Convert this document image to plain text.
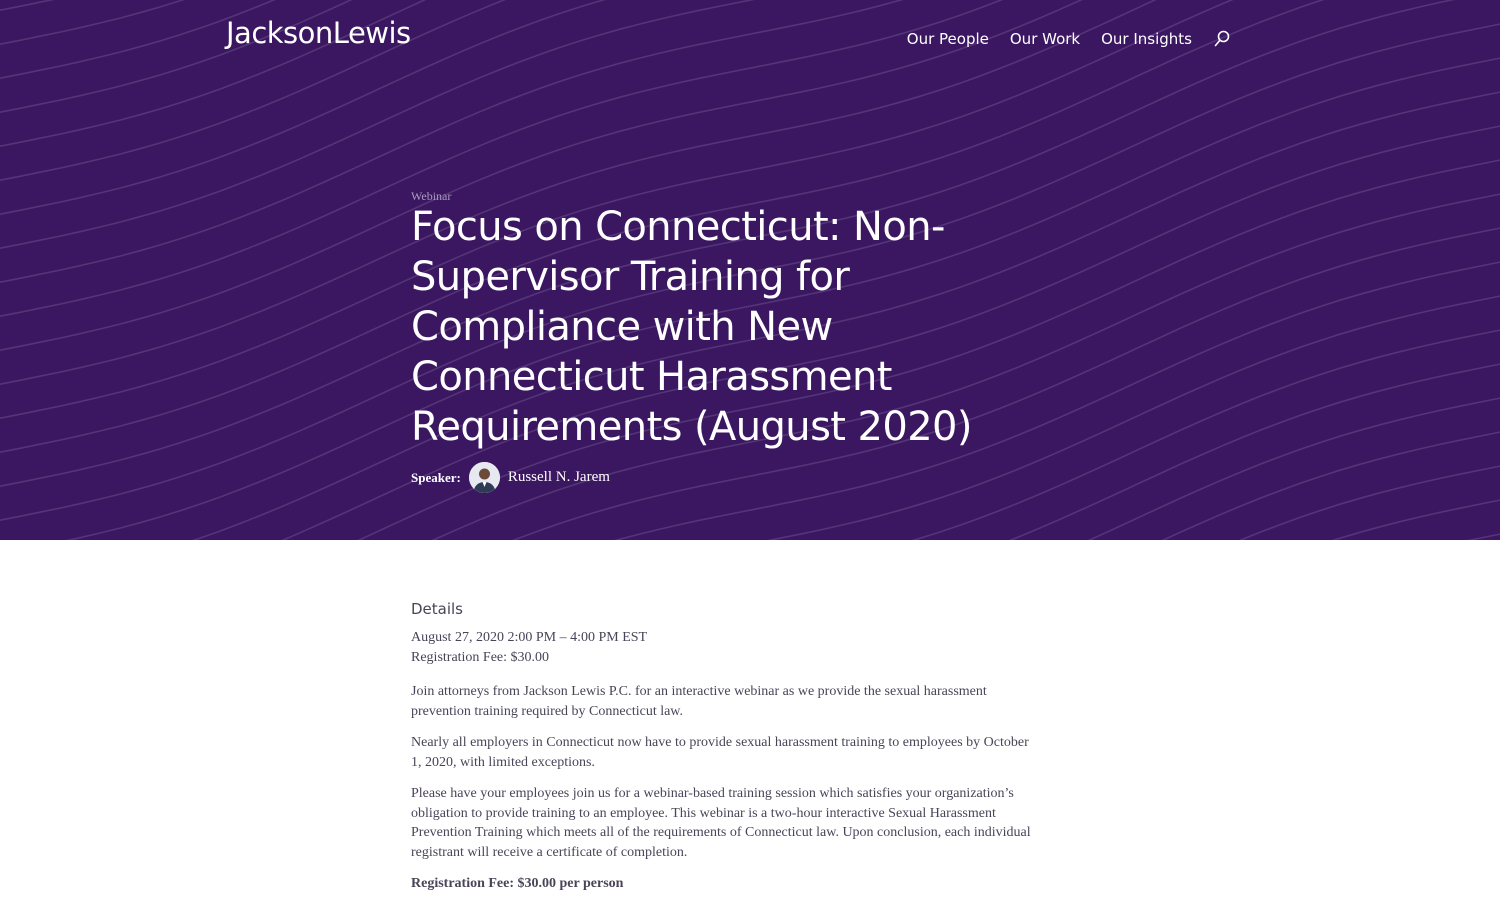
JacksonLewis	Our People Our Work Our Insights
Webinar
Focus on Connecticut: Non-
Supervisor Training for
Compliance with New
Connecticut Harassment
Requirements (August 2020)
Speaker:	Russell N. Jarem
Details
August 27, 2020 2:00 PM – 4:00 PM EST
Registration Fee: $30.00

Join attorneys from Jackson Lewis P.C. for an interactive webinar as we provide the sexual harassment prevention training required by Connecticut law.

Nearly all employers in Connecticut now have to provide sexual harassment training to employees by October 1, 2020, with limited exceptions.

Please have your employees join us for a webinar-based training session which satisfies your organization’s obligation to provide training to an employee. This webinar is a two-hour interactive Sexual Harassment Prevention Training which meets all of the requirements of Connecticut law. Upon conclusion, each individual registrant will receive a certificate of completion.

Registration Fee: $30.00 per person
